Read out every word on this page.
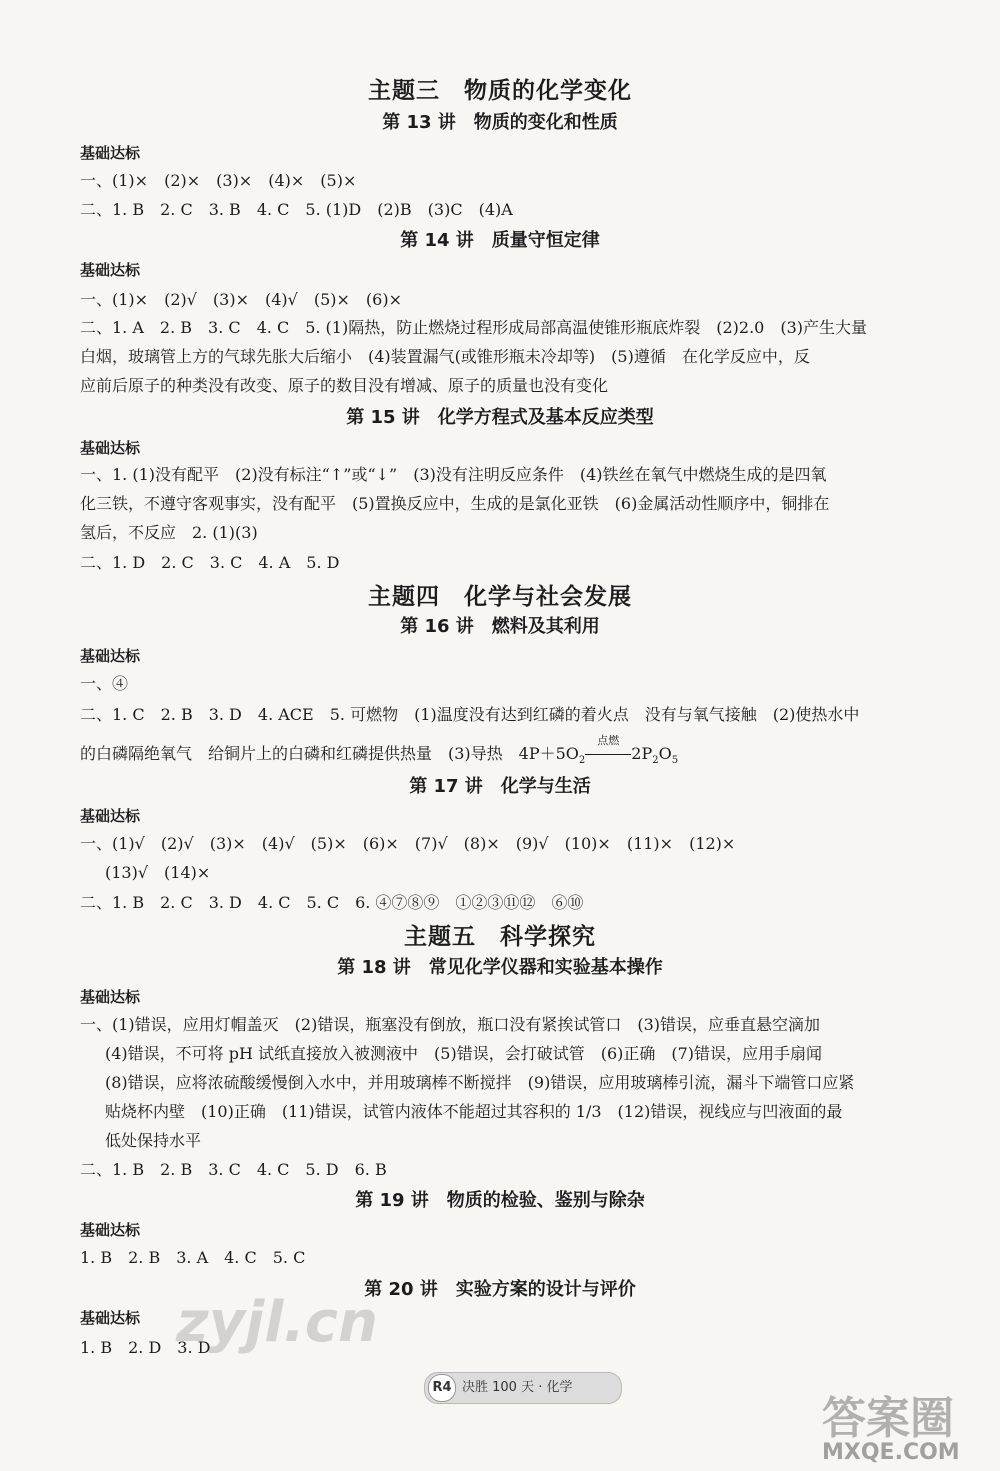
主题三　物质的化学变化
第 13 讲　物质的变化和性质
基础达标
一、(1)×　(2)×　(3)×　(4)×　(5)×
二、1. B　2. C　3. B　4. C　5. (1)D　(2)B　(3)C　(4)A
第 14 讲　质量守恒定律
基础达标
一、(1)×　(2)√　(3)×　(4)√　(5)×　(6)×
二、1. A　2. B　3. C　4. C　5. (1)隔热，防止燃烧过程形成局部高温使锥形瓶底炸裂　(2)2.0　(3)产生大量
白烟，玻璃管上方的气球先胀大后缩小　(4)装置漏气(或锥形瓶未冷却等)　(5)遵循　在化学反应中，反
应前后原子的种类没有改变、原子的数目没有增减、原子的质量也没有变化
第 15 讲　化学方程式及基本反应类型
基础达标
一、1. (1)没有配平　(2)没有标注“↑”或“↓”　(3)没有注明反应条件　(4)铁丝在氧气中燃烧生成的是四氧
化三铁，不遵守客观事实，没有配平　(5)置换反应中，生成的是氯化亚铁　(6)金属活动性顺序中，铜排在
氢后，不反应　2. (1)(3)
二、1. D　2. C　3. C　4. A　5. D
主题四　化学与社会发展
第 16 讲　燃料及其利用
基础达标
一、④
二、1. C　2. B　3. D　4. ACE　5. 可燃物　(1)温度没有达到红磷的着火点　没有与氧气接触　(2)使热水中
的白磷隔绝氧气　给铜片上的白磷和红磷提供热量　(3)导热　$4P+5O_2$
点燃
$2P_2O_5$
第 17 讲　化学与生活
基础达标
一、(1)√　(2)√　(3)×　(4)√　(5)×　(6)×　(7)√　(8)×　(9)√　(10)×　(11)×　(12)×
(13)√　(14)×
二、1. B　2. C　3. D　4. C　5. C　6. ④⑦⑧⑨　①②③⑪⑫　⑥⑩
主题五　科学探究
第 18 讲　常见化学仪器和实验基本操作
基础达标
一、(1)错误，应用灯帽盖灭　(2)错误，瓶塞没有倒放，瓶口没有紧挨试管口　(3)错误，应垂直悬空滴加
(4)错误，不可将 pH 试纸直接放入被测液中　(5)错误，会打破试管　(6)正确　(7)错误，应用手扇闻
(8)错误，应将浓硫酸缓慢倒入水中，并用玻璃棒不断搅拌　(9)错误，应用玻璃棒引流，漏斗下端管口应紧
贴烧杯内壁　(10)正确　(11)错误，试管内液体不能超过其容积的 1/3　(12)错误，视线应与凹液面的最
低处保持水平
二、1. B　2. B　3. C　4. C　5. D　6. B
第 19 讲　物质的检验、鉴别与除杂
基础达标
1. B　2. B　3. A　4. C　5. C
第 20 讲　实验方案的设计与评价
基础达标
1. B　2. D　3. D
R4 决胜 100 天 · 化学
zyjl.cn
答案圈
MXQE.COM
